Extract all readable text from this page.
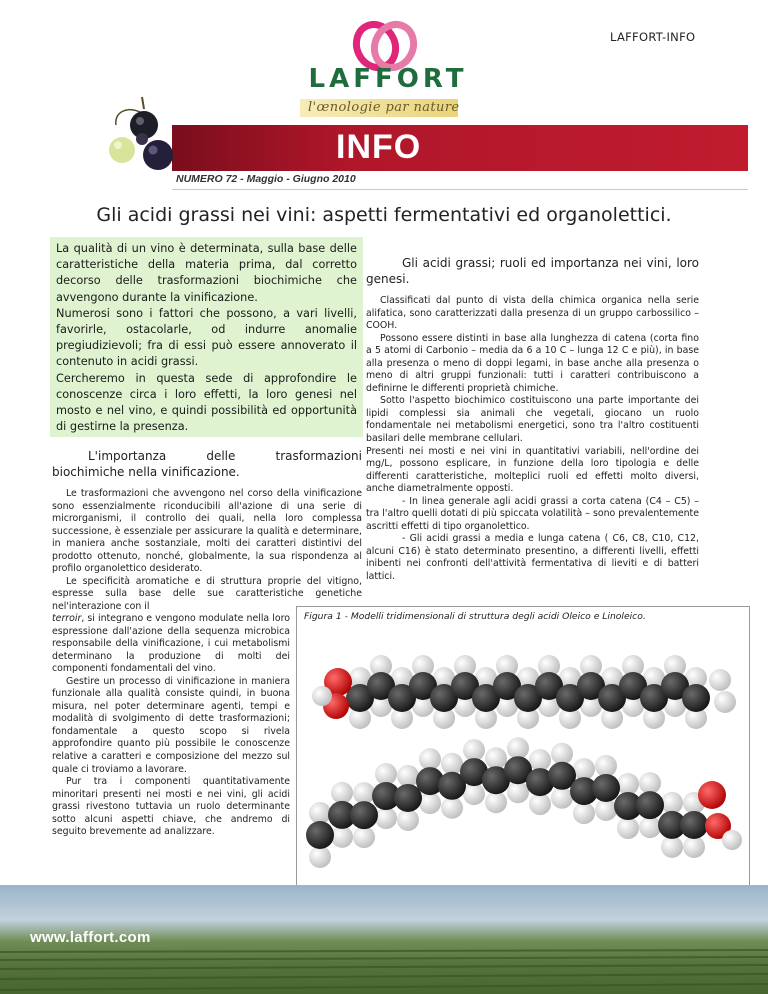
LAFFORT-INFO
LAFFORT
l'œnologie par nature
INFO
NUMERO 72 - Maggio - Giugno 2010
Gli acidi grassi nei vini: aspetti fermentativi ed organolettici.

La qualità di un vino è determinata, sulla base delle caratteristiche della materia prima, dal corretto decorso delle trasformazioni biochimiche che avvengono durante la vinificazione.

Numerosi sono i fattori che possono, a vari livelli, favorirle, ostacolarle, od indurre anomalie pregiudizievoli; fra di essi può essere annoverato il contenuto in acidi grassi.

Cercheremo in questa sede di approfondire le conoscenze circa i loro effetti, la loro genesi nel mosto e nel vino, e quindi possibilità ed opportunità di gestirne la presenza.

L'importanza delle trasformazioni biochimiche nella vinificazione.

Le trasformazioni che avvengono nel corso della vinificazione sono essenzialmente riconducibili all'azione di una serie di microrganismi, il controllo dei quali, nella loro complessa successione, è essenziale per assicurare la qualità e determinare, in maniera anche sostanziale, molti dei caratteri distintivi del prodotto ottenuto, nonché, globalmente, la sua rispondenza al profilo organolettico desiderato.

Le specificità aromatiche e di struttura proprie del vitigno, espresse sulla base delle sue caratteristiche genetiche nel'interazione con il

terroir, si integrano e vengono modulate nella loro espressione dall'azione della sequenza microbica responsabile della vinificazione, i cui metabolismi determinano la produzione di molti dei componenti fondamentali del vino.

Gestire un processo di vinificazione in maniera funzionale alla qualità consiste quindi, in buona misura, nel poter determinare agenti, tempi e modalità di svolgimento di dette trasformazioni; fondamentale a questo scopo si rivela approfondire quanto più possibile le conoscenze relative a caratteri e composizione del mezzo sul quale ci troviamo a lavorare.

Pur tra i componenti quantitativamente minoritari presenti nei mosti e nei vini, gli acidi grassi rivestono tuttavia un ruolo determinante sotto alcuni aspetti chiave, che andremo di seguito brevemente ad analizzare.

Gli acidi grassi; ruoli ed importanza nei vini, loro genesi.

Classificati dal punto di vista della chimica organica nella serie alifatica, sono caratterizzati dalla presenza di un gruppo carbossilico –COOH.

Possono essere distinti in base alla lunghezza di catena (corta fino a 5 atomi di Carbonio – media da 6 a 10 C – lunga 12 C e più), in base alla presenza o meno di doppi legami, in base anche alla presenza o meno di altri gruppi funzionali: tutti i caratteri contribuiscono a definirne le differenti proprietà chimiche.

Sotto l'aspetto biochimico costituiscono una parte importante dei lipidi complessi sia animali che vegetali, giocano un ruolo fondamentale nei metabolismi energetici, sono tra l'altro costituenti basilari delle membrane cellulari.

Presenti nei mosti e nei vini in quantitativi variabili, nell'ordine dei mg/L, possono esplicare, in funzione della loro tipologia e delle differenti caratteristiche, molteplici ruoli ed effetti molto diversi, anche diametralmente opposti.

- In linea generale agli acidi grassi a corta catena (C4 – C5) – tra l'altro quelli dotati di più spiccata volatilità – sono prevalentemente ascritti effetti di tipo organolettico.

- Gli acidi grassi a media e lunga catena ( C6, C8, C10, C12, alcuni C16) è stato determinato presentino, a differenti livelli, effetti inibenti nei confronti dell'attività fermentativa di lieviti e di batteri lattici.

Figura 1 - Modelli tridimensionali di struttura degli acidi Oleico e Linoleico.
www.laffort.com
